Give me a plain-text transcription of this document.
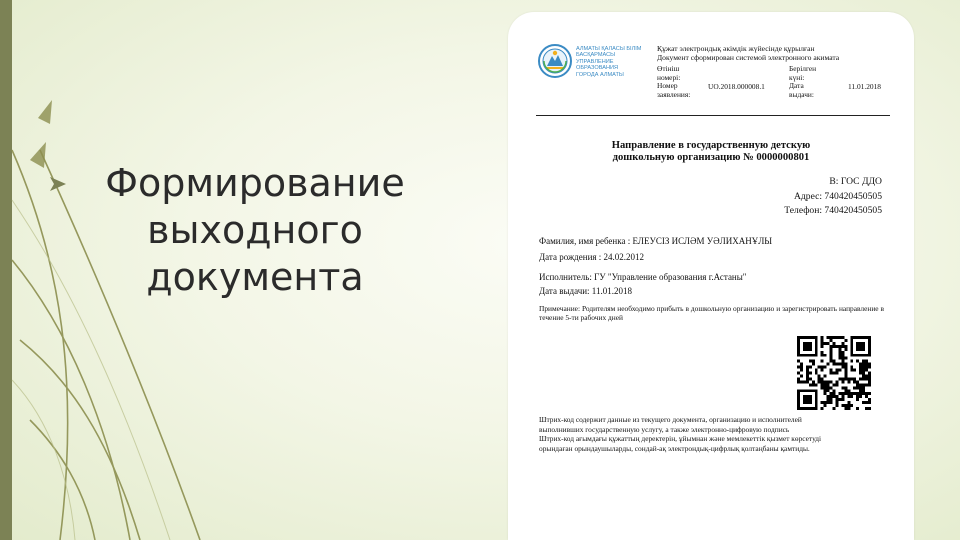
Формирование
выходного
документа
АЛМАТЫ ҚАЛАСЫ БІЛІМ
БАСҚАРМАСЫ
УПРАВЛЕНИЕ ОБРАЗОВАНИЯ
ГОРОДА АЛМАТЫ
Құжат электрондық әкімдік жүйесінде құрылған
Документ сформирован системой электронного акимата
Өтініш
номері:
Номер
заявления:
UO.2018.000008.1
Берілген
күні:
Дата
выдачи:
11.01.2018
Направление в государственную детскую
дошкольную организацию № 0000000801
В: ГОС ДДО
Адрес: 740420450505
Телефон: 740420450505
Фамилия, имя ребенка : ЕЛЕУСІЗ ИСЛӘМ УӘЛИХАНҰЛЫ
Дата рождения : 24.02.2012
Исполнитель: ГУ "Управление образования г.Астаны"
Дата выдачи: 11.01.2018
Примечание: Родителям необходимо прибыть в дошкольную организацию и зарегистрировать направление в течение 5-ти рабочих дней
Штрих-код содержит данные из текущего документа, организацию и исполнителей
выполнивших государственную услугу, а также электронно-цифровую подпись
Штрих-код ағымдағы құжаттың деректерін, ұйымнан және мемлекеттік қызмет көрсетуді
орындаған орындаушыларды, сондай-ақ электрондық-цифрлық қолтаңбаны қамтиды.
